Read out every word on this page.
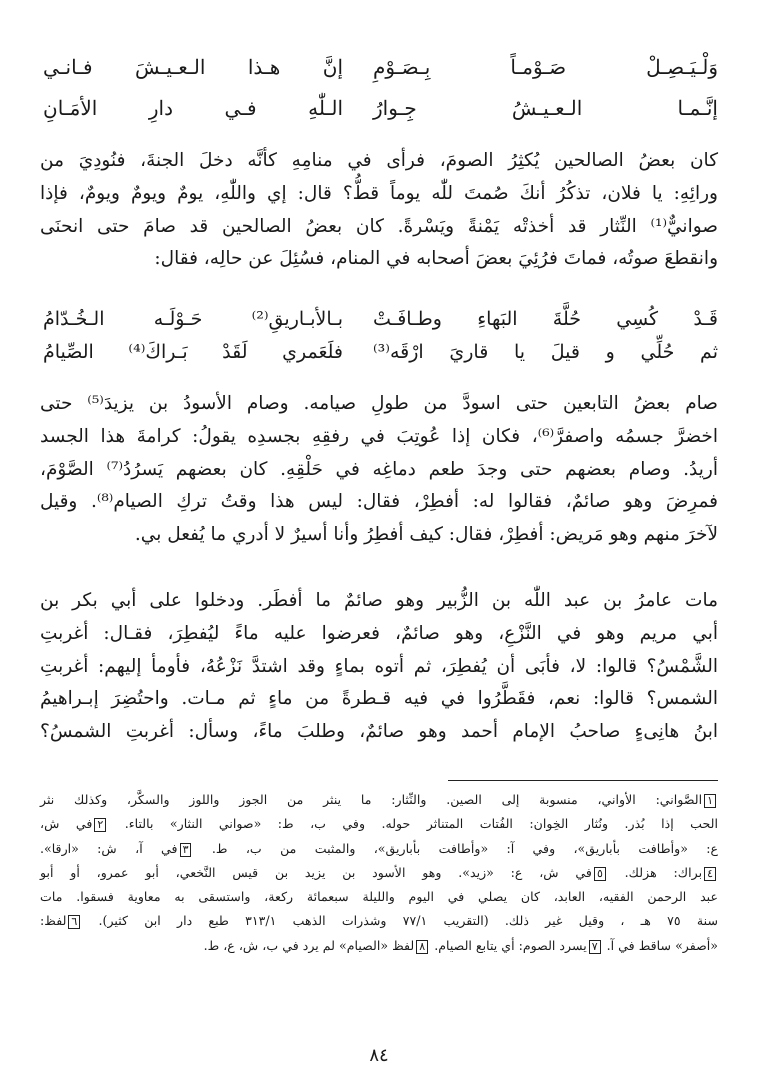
وَلْـيَـصِـلْ صَـوْمـاً بِـصَـوْمِ
إنَّ هـذا الـعـيـشَ فـانـي
إنَّـمـا الـعـيـشُ جِـوارُ
الـلّٰهِ فـي دارِ الأمَـانِ
كان بعضُ الصالحين يُكثِرُ الصومَ، فرأى في منامِهِ كأنَّه دخلَ الجنةَ، فنُودِيَ من
ورائِهِ: يا فلان، تذكُرُ أنكَ صُمتَ للّٰه يوماً قطُّ؟ قال: إي واللّٰهِ، يومٌ ويومٌ ويومٌ، فإذا
صوانيٌّ⁽¹⁾ النِّثار قد أخذتْه يَمْنةً ويَسْرةً. كان بعضُ الصالحين قد صامَ حتى انحنَى
وانقطعَ صوتُه، فماتَ فرُئِيَ بعضَ أصحابه في المنام، فسُئِلَ عن حالِه، فقال:
قَـدْ كُسِي حُلَّةَ البَهاءِ وطـافَـتْ
بـالأبـاريقِ⁽²⁾ حَـوْلَـه الـخُـدّامُ
ثم حُلِّي و قيلَ يا قاريَ ارْقَه⁽³⁾
فلَعَمري لَقَدْ بَـراكَ⁽⁴⁾ الصِّيامُ
صام بعضُ التابعين حتى اسودَّ من طولِ صيامه. وصام الأسودُ بن يزيدَ⁽⁵⁾ حتى
اخضرَّ جسمُه واصفرَّ⁽⁶⁾، فكان إذا عُوتِبَ في رفقِهِ بجسدِه يقولُ: كرامةَ هذا الجسد
أريدُ. وصام بعضهم حتى وجدَ طعم دماغِه في حَلْقِهِ. كان بعضهم يَسرُدُ⁽⁷⁾ الصَّوْمَ،
فمرِضَ وهو صائمٌ، فقالوا له: أفطِرْ، فقال: ليس هذا وقتُ تركِ الصيام⁽⁸⁾. وقيل
لآخرَ منهم وهو مَريض: أفطِرْ، فقال: كيف أفطِرُ وأنا أسيرٌ لا أدري ما يُفعل بي.
مات عامرُ بن عبد اللّٰه بن الزُّبير وهو صائمٌ ما أفطَر. ودخلوا على أبي بكر بن
أبي مريم وهو في النَّزْعِ، وهو صائمٌ، فعرضوا عليه ماءً ليُفطِرَ، فقـال: أغربتِ
الشَّمْسُ؟ قالوا: لا، فأبَى أن يُفطِرَ، ثم أتوه بماءٍ وقد اشتدَّ نَزْعُهُ، فأومأ إليهم: أغربتِ
الشمس؟ قالوا: نعم، فقَطَّرُوا في فيه قـطرةً من ماءٍ ثم مـات. واحتُضِرَ إبـراهيمُ
ابنُ هانِىءٍ صاحبُ الإمام أحمد وهو صائمٌ، وطلبَ ماءً، وسأل: أغربتِ الشمسُ؟
١الصَّواني: الأواني، منسوبة إلى الصين. والنِّثار: ما ينثر من الجوز واللوز والسكَّر، وكذلك نثر
الحب إذا بُذر. ونُثار الخِوان: الفُتات المتناثر حوله. وفي ب، ط: «صواني النثار» بالتاء. ٢في ش،
ع: «وأطافت بأباريق»، وفي آ: «وأطافت بأباريق»، والمثبت من ب، ط. ٣في آ، ش: «ارقا».
٤براك: هزلك. ٥في ش، ع: «زيد». وهو الأسود بن يزيد بن قيس النَّخعي، أبو عمرو، أو أبو
عبد الرحمن الفقيه، العابد، كان يصلي في اليوم والليلة سبعمائة ركعة، واستسقى به معاوية فسقوا. مات
سنة ٧٥ هـ ، وقيل غير ذلك. (التقريب ٧٧/١ وشذرات الذهب ٣١٣/١ طبع دار ابن كثير). ٦لفظ:
«أصفر» ساقط في آ. ٧يسرد الصوم: أي يتابع الصيام. ٨لفظ «الصيام» لم يرد في ب، ش، ع، ط.
٨٤
